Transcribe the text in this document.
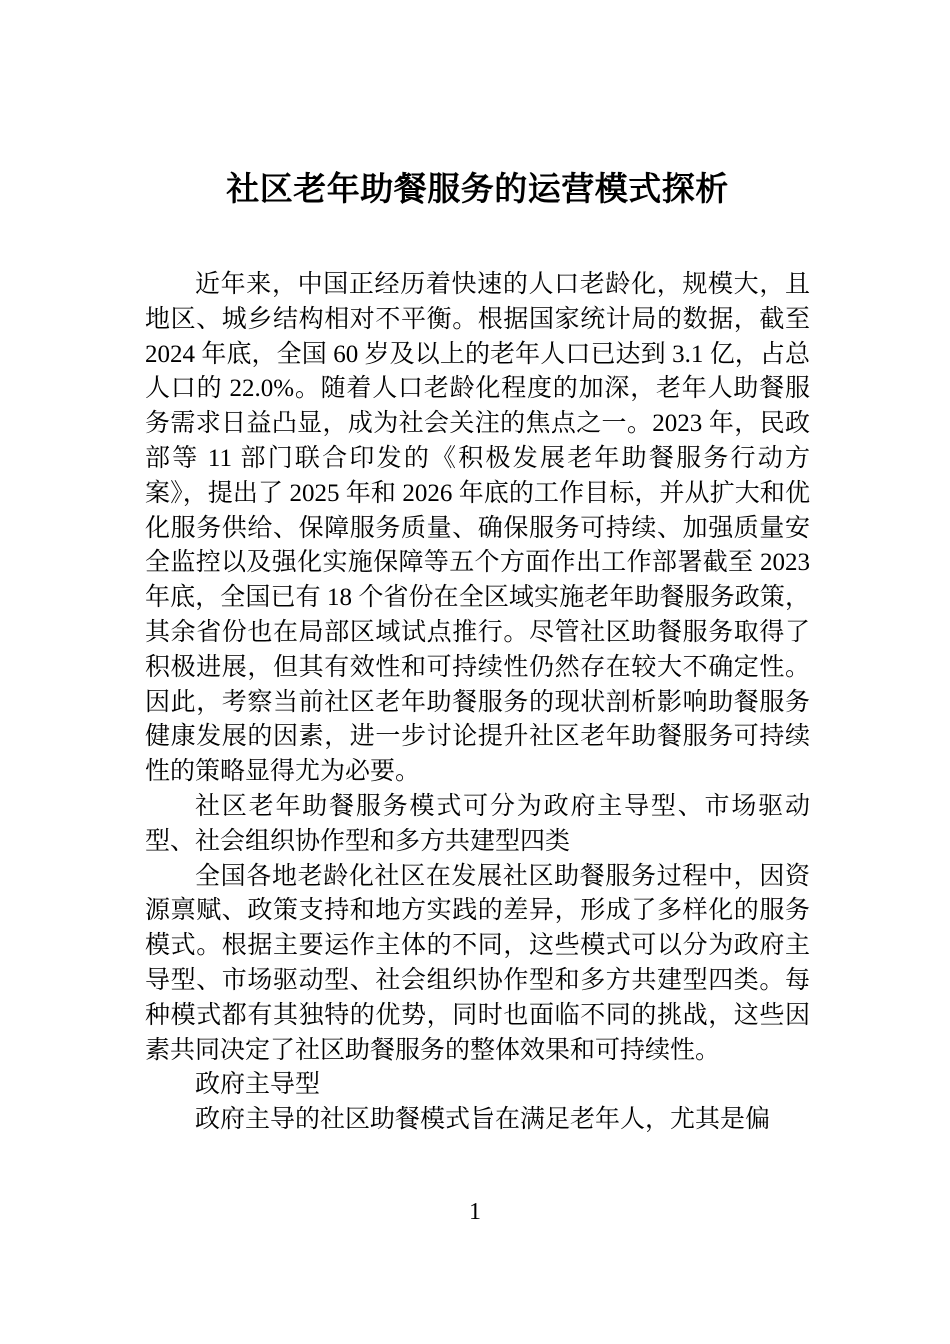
社区老年助餐服务的运营模式探析

近年来，中国正经历着快速的人口老龄化，规模大，且地区、城乡结构相对不平衡。根据国家统计局的数据，截至 2024 年底，全国 60 岁及以上的老年人口已达到 3.1 亿，占总人口的 22.0%。随着人口老龄化程度的加深，老年人助餐服务需求日益凸显，成为社会关注的焦点之一。2023 年，民政部等 11 部门联合印发的《积极发展老年助餐服务行动方案》，提出了 2025 年和 2026 年底的工作目标，并从扩大和优化服务供给、保障服务质量、确保服务可持续、加强质量安全监控以及强化实施保障等五个方面作出工作部署截至 2023 年底，全国已有 18 个省份在全区域实施老年助餐服务政策，其余省份也在局部区域试点推行。尽管社区助餐服务取得了积极进展，但其有效性和可持续性仍然存在较大不确定性。因此，考察当前社区老年助餐服务的现状剖析影响助餐服务健康发展的因素，进一步讨论提升社区老年助餐服务可持续性的策略显得尤为必要。

社区老年助餐服务模式可分为政府主导型、市场驱动型、社会组织协作型和多方共建型四类

全国各地老龄化社区在发展社区助餐服务过程中，因资源禀赋、政策支持和地方实践的差异，形成了多样化的服务模式。根据主要运作主体的不同，这些模式可以分为政府主导型、市场驱动型、社会组织协作型和多方共建型四类。每种模式都有其独特的优势，同时也面临不同的挑战，这些因素共同决定了社区助餐服务的整体效果和可持续性。

政府主导型

政府主导的社区助餐模式旨在满足老年人，尤其是偏

1
